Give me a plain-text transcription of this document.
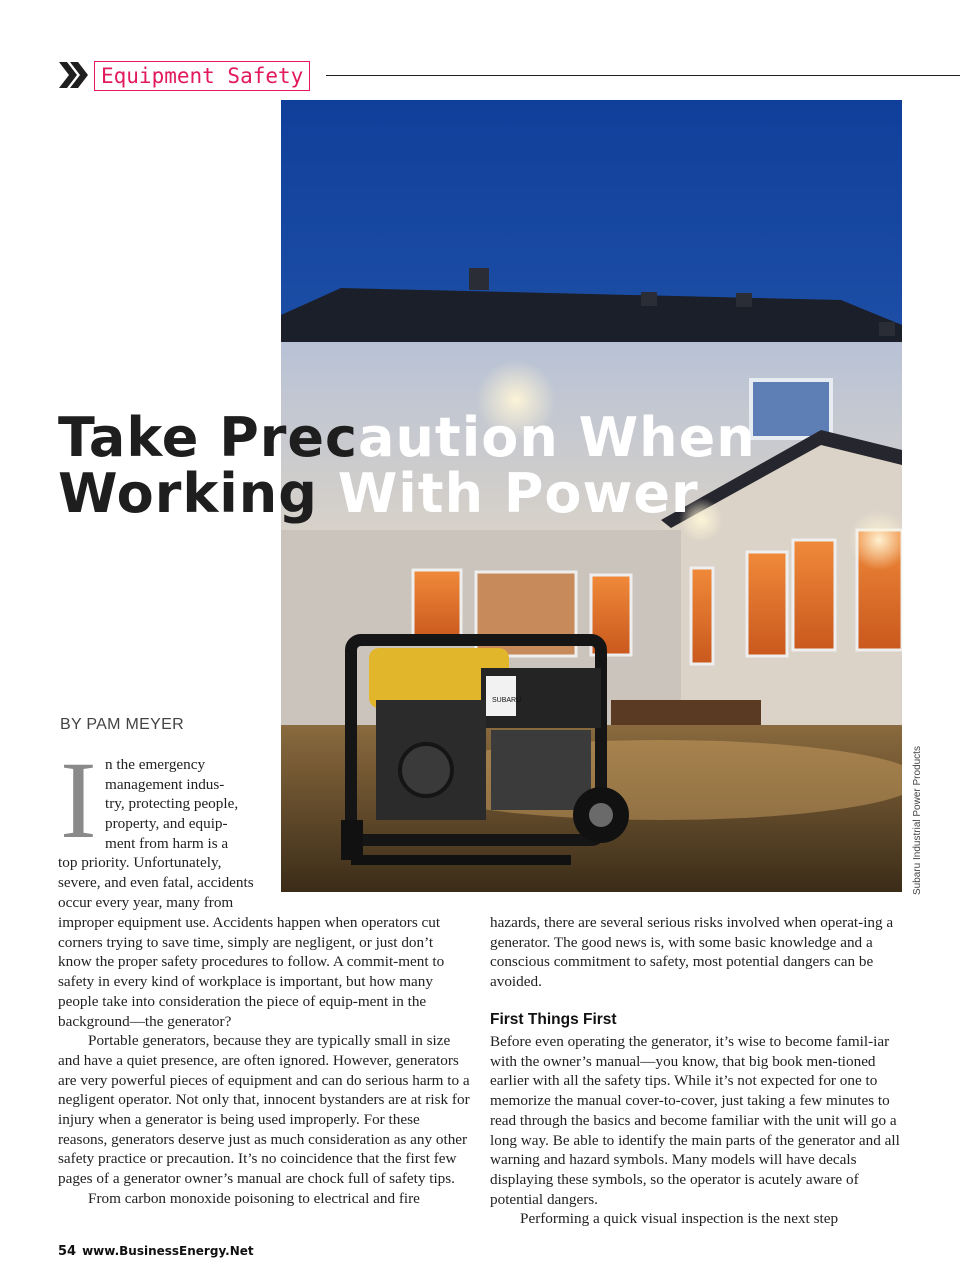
Equipment Safety
SUBARU
Subaru Industrial Power Products
Take Precaution When
Working With Power
BY PAM MEYER
I n the emergency

management indus-

try, protecting people,

property, and equip-

ment from harm is a

top priority. Unfortunately,

severe, and even fatal, accidents

occur every year, many from

improper equipment use. Accidents happen when operators cut corners trying to save time, simply are negligent, or just don’t know the proper safety procedures to follow. A commit-ment to safety in every kind of workplace is important, but how many people take into consideration the piece of equip-ment in the background—the generator?

Portable generators, because they are typically small in size and have a quiet presence, are often ignored. However, generators are very powerful pieces of equipment and can do serious harm to a negligent operator. Not only that, innocent bystanders are at risk for injury when a generator is being used improperly. For these reasons, generators deserve just as much consideration as any other safety practice or precaution. It’s no coincidence that the first few pages of a generator owner’s manual are chock full of safety tips.

From carbon monoxide poisoning to electrical and fire

hazards, there are several serious risks involved when operat-ing a generator. The good news is, with some basic knowledge and a conscious commitment to safety, most potential dangers can be avoided.

First Things First

Before even operating the generator, it’s wise to become famil-iar with the owner’s manual—you know, that big book men-tioned earlier with all the safety tips. While it’s not expected for one to memorize the manual cover-to-cover, just taking a few minutes to read through the basics and become familiar with the unit will go a long way. Be able to identify the main parts of the generator and all warning and hazard symbols. Many models will have decals displaying these symbols, so the operator is acutely aware of potential dangers.

Performing a quick visual inspection is the next step

54 www.BusinessEnergy.Net
